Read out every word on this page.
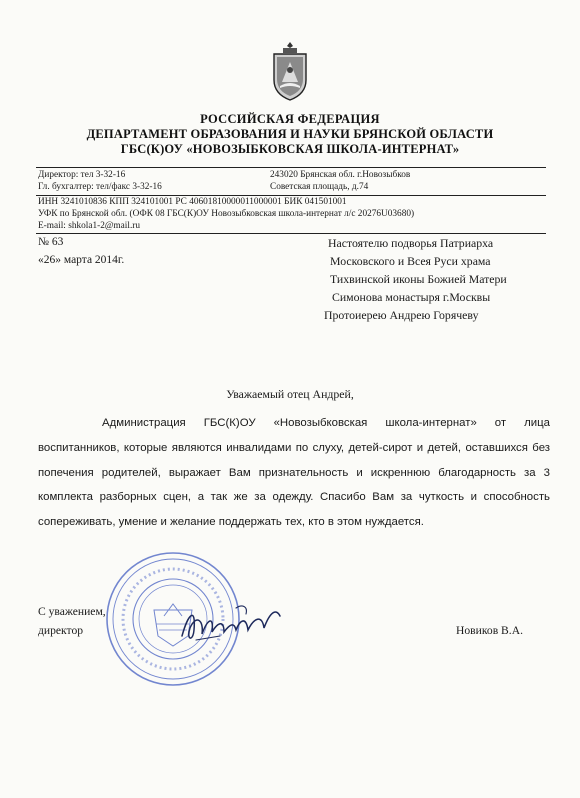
РОССИЙСКАЯ ФЕДЕРАЦИЯ
ДЕПАРТАМЕНТ ОБРАЗОВАНИЯ И НАУКИ БРЯНСКОЙ ОБЛАСТИ
ГБС(К)ОУ «НОВОЗЫБКОВСКАЯ ШКОЛА-ИНТЕРНАТ»
Директор: тел 3-32-16
Гл. бухгалтер: тел/факс 3-32-16
243020 Брянская обл. г.Новозыбков
Советская площадь, д.74
ИНН 3241010836 КПП 324101001 РС 40601810000011000001 БИК 041501001
УФК по Брянской обл. (ОФК 08 ГБС(К)ОУ Новозыбковская школа-интернат л/с 20276U03680)
E-mail: shkola1-2@mail.ru
№ 63
«26» марта 2014г.
Настоятелю подворья Патриарха
Московского и Всея Руси храма
Тихвинской иконы Божией Матери
Симонова монастыря г.Москвы
Протоиерею Андрею Горячеву
Уважаемый отец Андрей,

Администрация ГБС(К)ОУ «Новозыбковская школа-интернат» от лица воспитанников, которые являются инвалидами по слуху, детей-сирот и детей, оставшихся без попечения родителей, выражает Вам признательность и искреннюю благодарность за 3 комплекта разборных сцен, а так же за одежду. Спасибо Вам за чуткость и способность сопереживать, умение и желание поддержать тех, кто в этом нуждается.

С уважением,
директор	Новиков В.А.
